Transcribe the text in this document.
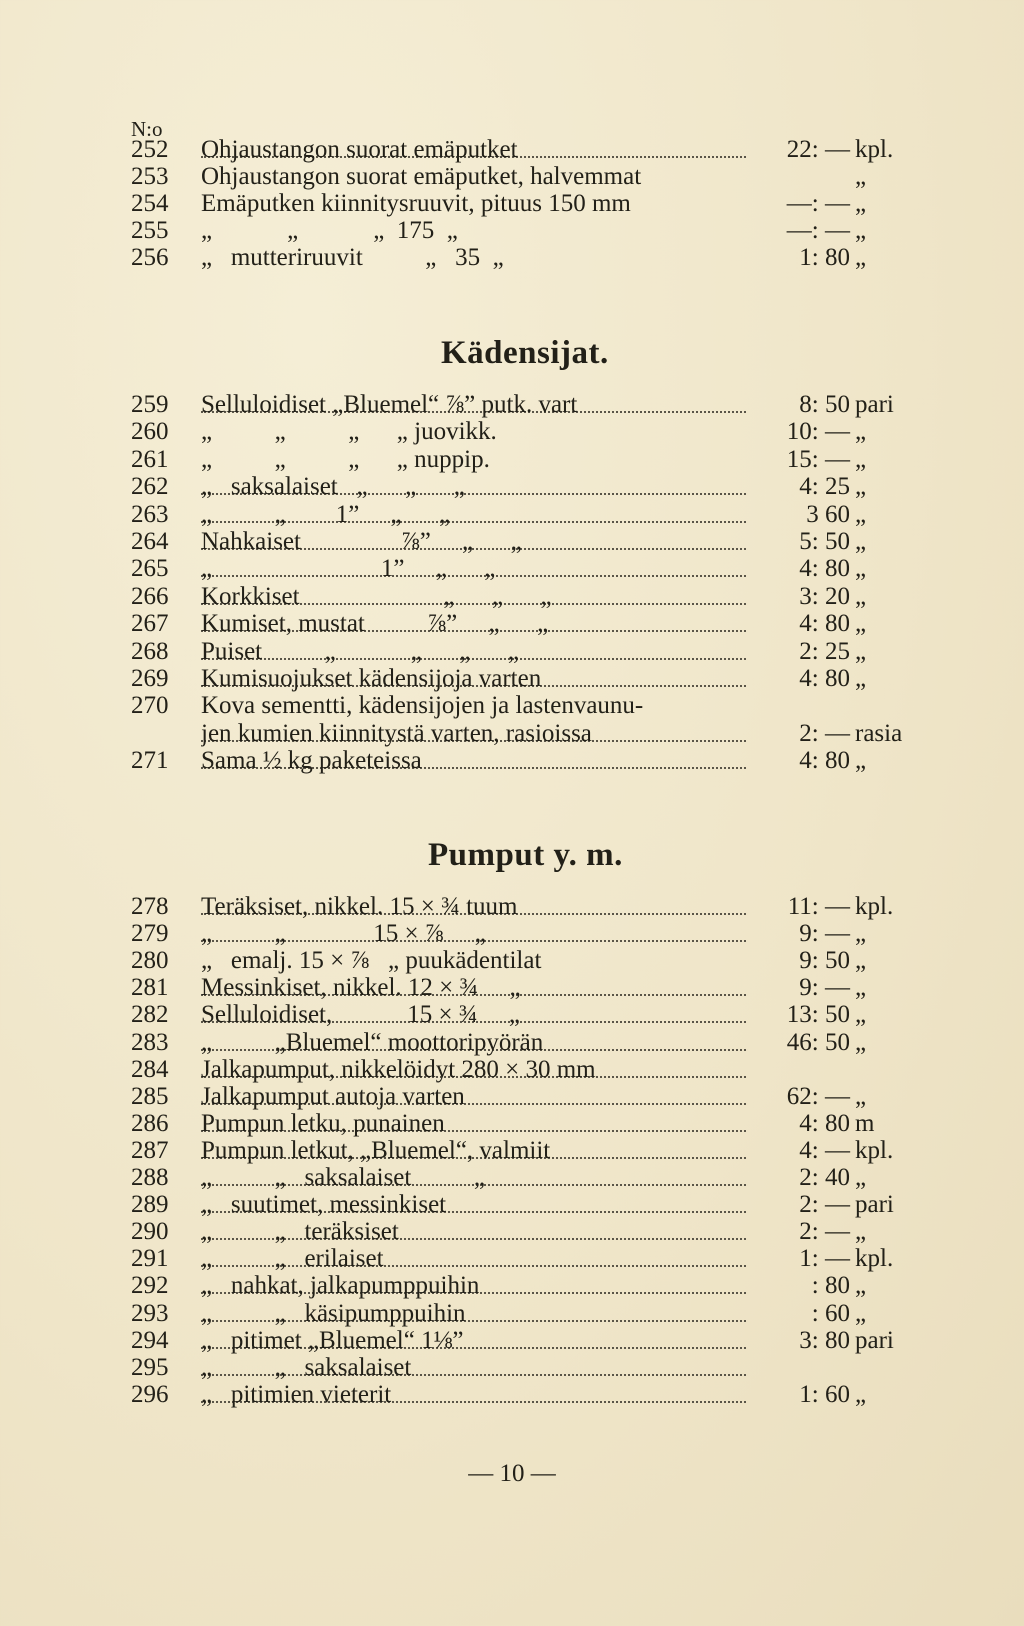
N:o
252	Ohjaustangon suorat emäputket	22: — kpl.
253	Ohjaustangon suorat emäputket, halvemmat	„
254	Emäputken kiinnitysruuvit, pituus 150 mm	—: — „
255	„            „            „  175  „	—: — „
256	„   mutteriruuvit          „   35  „	1: 80 „
Kädensijat.
259	Selluloidiset „Bluemel“ ⅞” putk. vart	8: 50 pari
260	„          „          „      „ juovikk.	10: — „
261	„          „          „      „ nuppip.	15: — „
262	„   saksalaiset   „      „      „	4: 25 „
263	„          „        1”     „      „	3 60 „
264	Nahkaiset                ⅞”     „      „	5: 50 „
265	„                           1”     „      „	4: 80 „
266	Korkkiset                       „      „      „	3: 20 „
267	Kumiset, mustat          ⅞”     „      „	4: 80 „
268	Puiset          „            „      „      „	2: 25 „
269	Kumisuojukset kädensijoja varten	4: 80 „
270	Kova sementti, kädensijojen ja lastenvaunu-
jen kumien kiinnitystä varten, rasioissa	2: — rasia
271	Sama ½ kg paketeissa	4: 80 „
Pumput y. m.
278	Teräksiset, nikkel. 15 × ¾ tuum	11: — kpl.
279	„          „              15 × ⅞     „	9: — „
280	„   emalj. 15 × ⅞   „ puukädentilat	9: 50 „
281	Messinkiset, nikkel. 12 × ¾     „	9: — „
282	Selluloidiset,            15 × ¾     „	13: 50 „
283	„          „Bluemel“ moottoripyörän	46: 50 „
284	Jalkapumput, nikkelöidyt 280 × 30 mm
285	Jalkapumput autoja varten	62: — „
286	Pumpun letku, punainen	4: 80 m
287	Pumpun letkut, „Bluemel“, valmiit	4: — kpl.
288	„          „   saksalaiset          „	2: 40 „
289	„   suutimet, messinkiset	2: — pari
290	„          „   teräksiset	2: — „
291	„          „   erilaiset	1: — kpl.
292	„   nahkat, jalkapumppuihin	: 80 „
293	„          „   käsipumppuihin	: 60 „
294	„   pitimet „Bluemel“ 1⅛”	3: 80 pari
295	„          „   saksalaiset
296	„   pitimien vieterit	1: 60 „
— 10 —
